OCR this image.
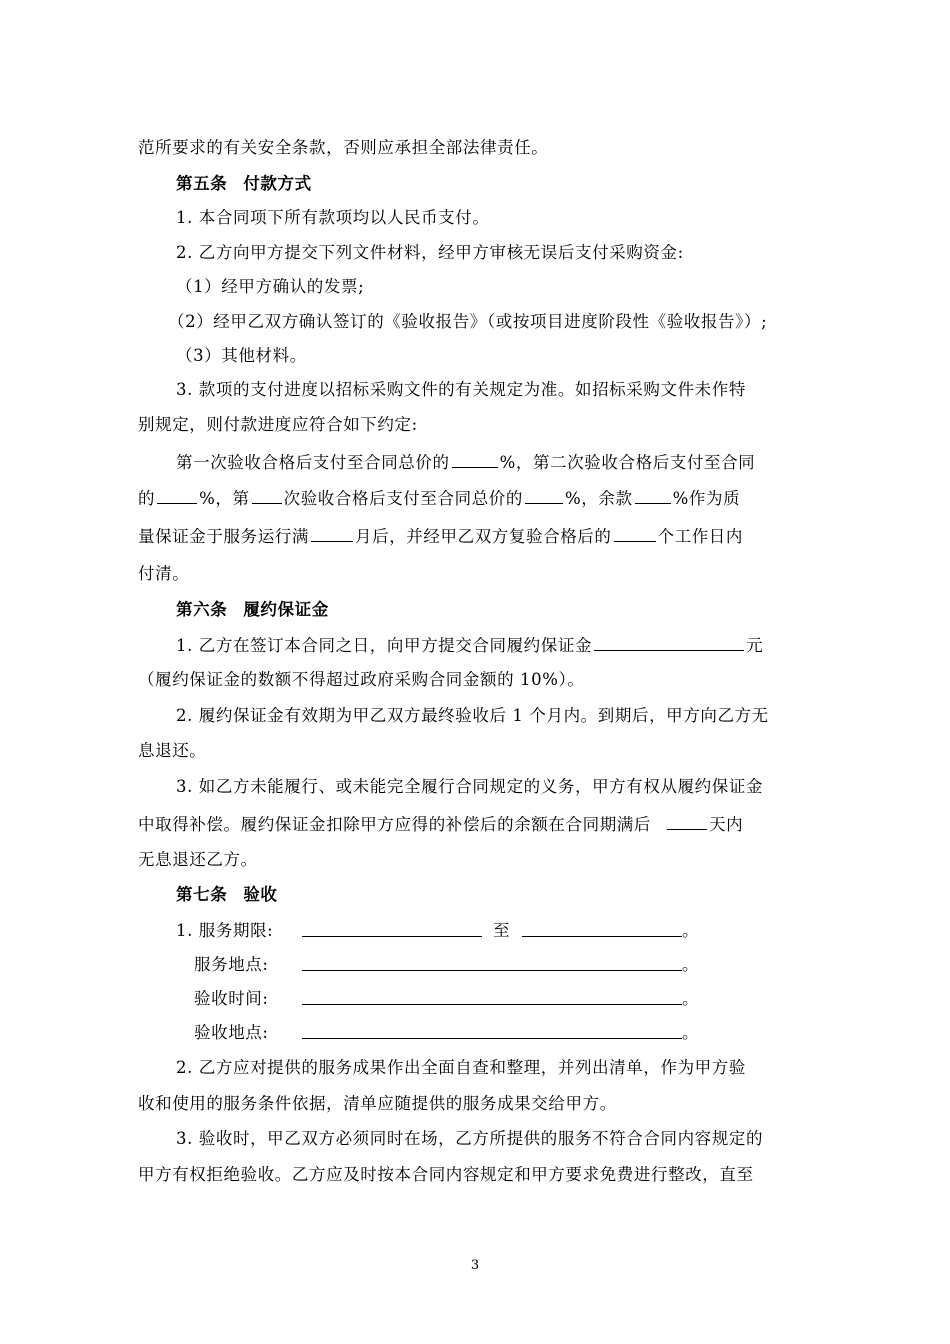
范所要求的有关安全条款，否则应承担全部法律责任。
第五条 付款方式
1. 本合同项下所有款项均以人民币支付。
2. 乙方向甲方提交下列文件材料，经甲方审核无误后支付采购资金:
（1）经甲方确认的发票;
（2）经甲乙双方确认签订的《验收报告》（或按项目进度阶段性《验收报告》）;
（3）其他材料。
3. 款项的支付进度以招标采购文件的有关规定为准。如招标采购文件未作特
别规定，则付款进度应符合如下约定:
第一次验收合格后支付至合同总价的	%，第二次验收合格后支付至合同
的	%，第 次验收合格后支付至合同总价的	%，余款 %作为质
量保证金于服务运行满	月后，并经甲乙双方复验合格后的	个工作日内
付清。
第六条 履约保证金
1. 乙方在签订本合同之日，向甲方提交合同履约保证金	元
（履约保证金的数额不得超过政府采购合同金额的 10%）。
2. 履约保证金有效期为甲乙双方最终验收后 1 个月内。到期后，甲方向乙方无
息退还。
3. 如乙方未能履行、或未能完全履行合同规定的义务，甲方有权从履约保证金
中取得补偿。履约保证金扣除甲方应得的补偿后的余额在合同期满后	天内
无息退还乙方。
第七条 验收
1. 服务期限:	至	。
服务地点:	。
验收时间:	。
验收地点:	。
2. 乙方应对提供的服务成果作出全面自查和整理，并列出清单，作为甲方验
收和使用的服务条件依据，清单应随提供的服务成果交给甲方。
3. 验收时，甲乙双方必须同时在场，乙方所提供的服务不符合合同内容规定的
甲方有权拒绝验收。乙方应及时按本合同内容规定和甲方要求免费进行整改，直至
3
